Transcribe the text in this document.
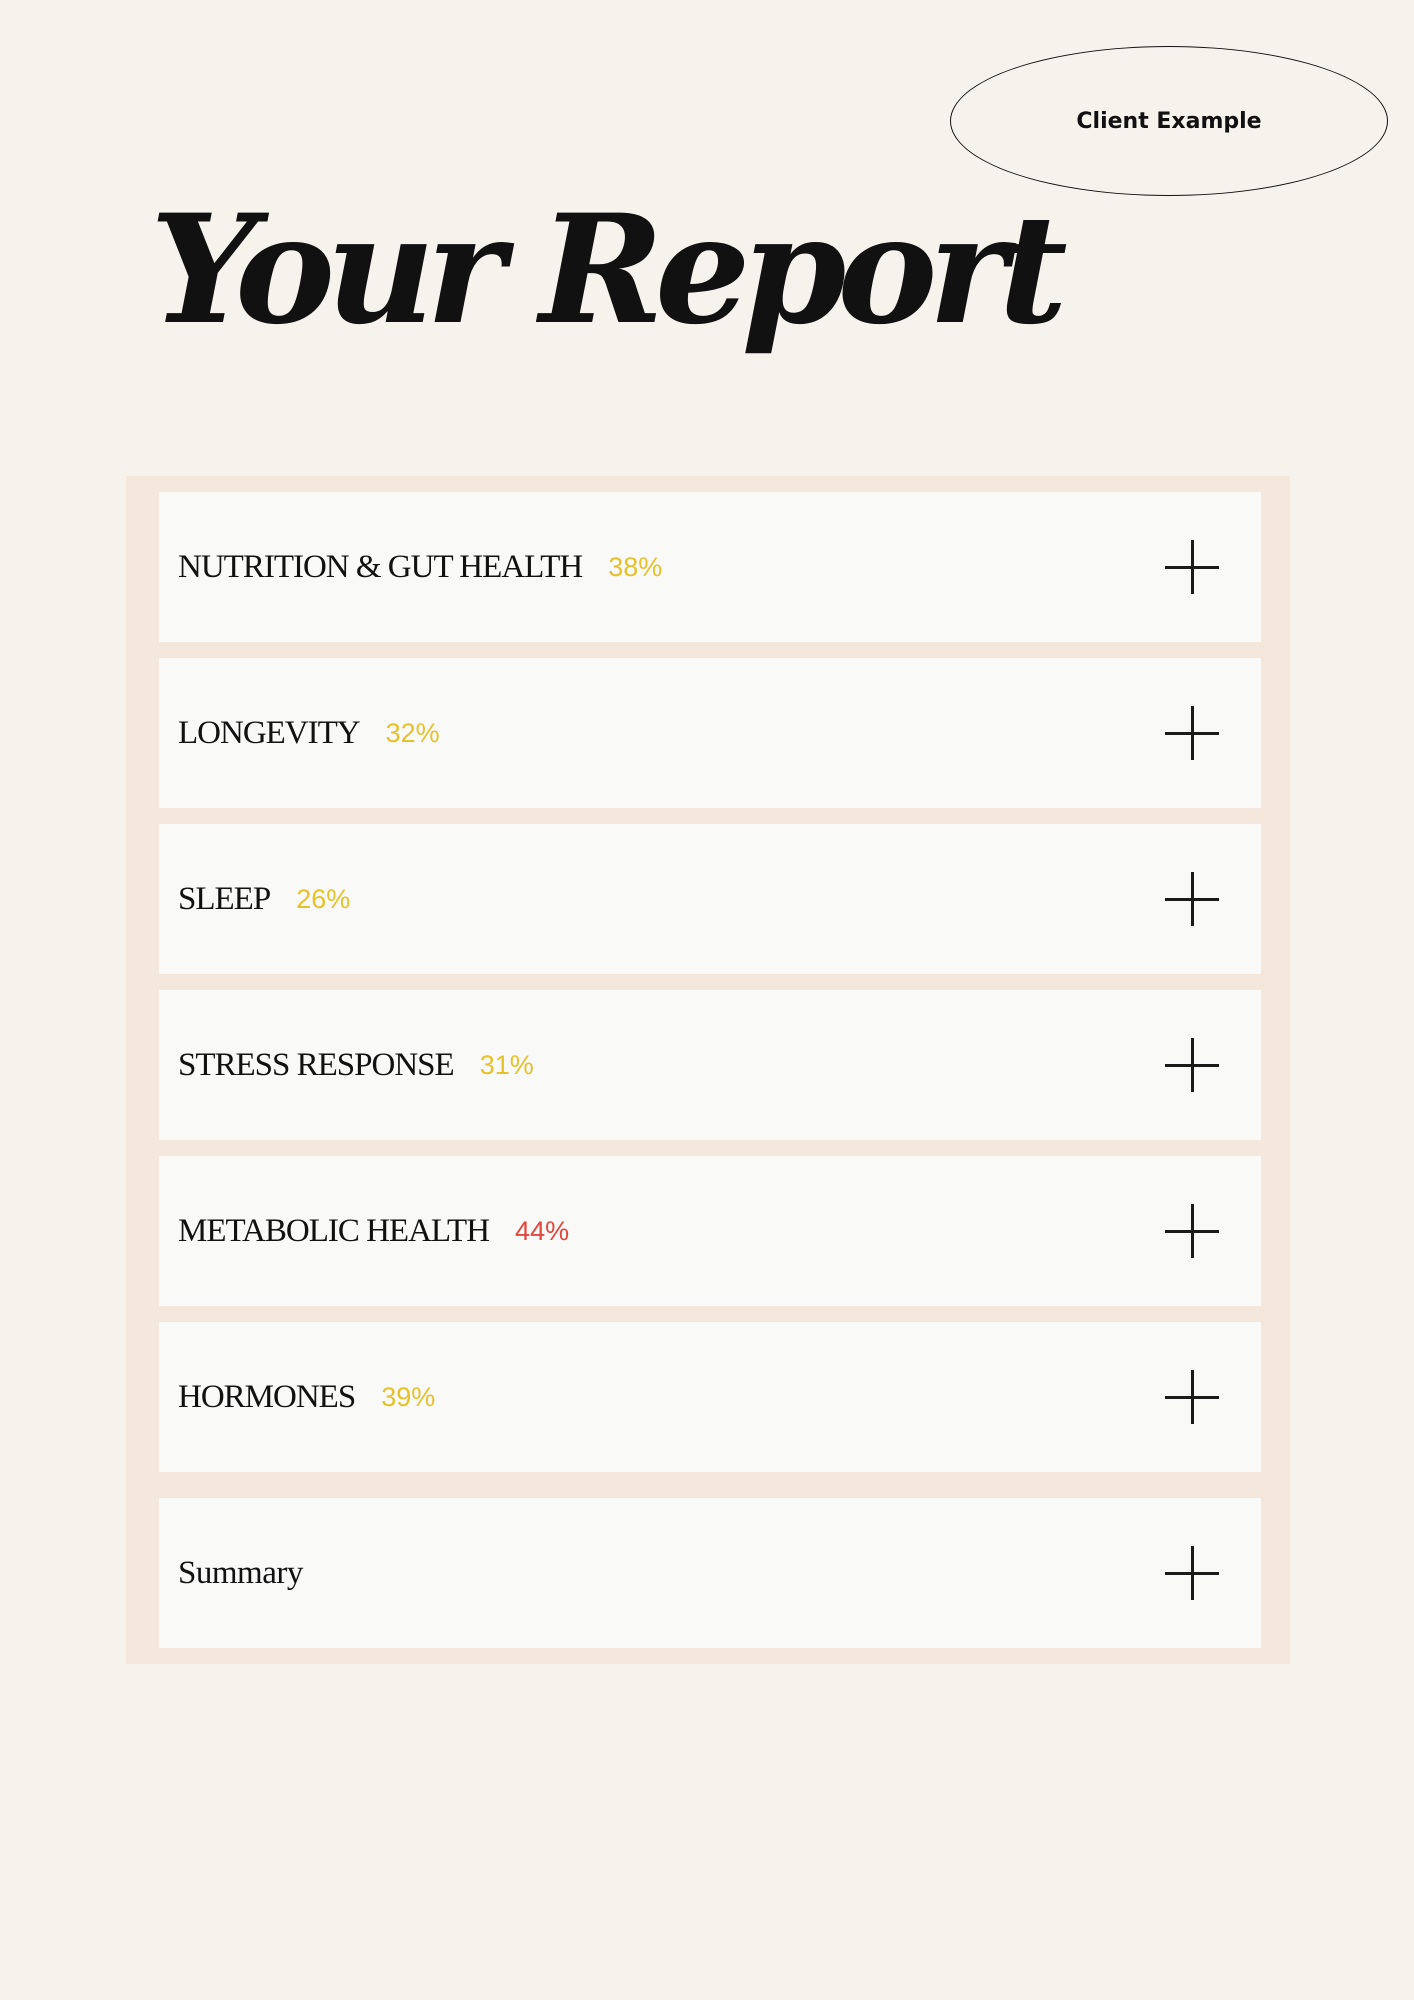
Client Example
Your Report
NUTRITION & GUT HEALTH 38%
LONGEVITY 32%
SLEEP 26%
STRESS RESPONSE 31%
METABOLIC HEALTH 44%
HORMONES 39%
Summary
